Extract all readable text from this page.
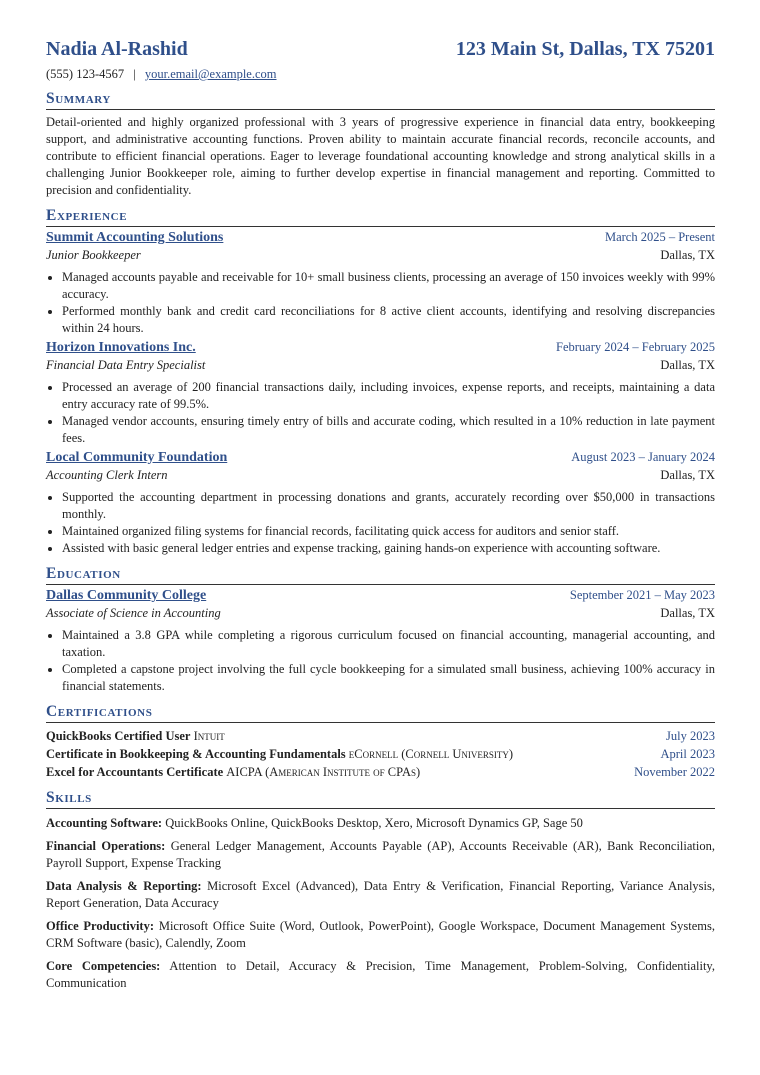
Nadia Al-Rashid	123 Main St, Dallas, TX 75201
(555) 123-4567 | your.email@example.com
Summary
Detail-oriented and highly organized professional with 3 years of progressive experience in financial data entry, bookkeeping support, and administrative accounting functions. Proven ability to maintain accurate financial records, reconcile accounts, and contribute to efficient financial operations. Eager to leverage foundational accounting knowledge and strong analytical skills in a challenging Junior Bookkeeper role, aiming to further develop expertise in financial management and reporting. Committed to precision and confidentiality.
Experience
Summit Accounting Solutions	March 2025 – Present
Junior Bookkeeper	Dallas, TX
• Managed accounts payable and receivable for 10+ small business clients, processing an average of 150 invoices weekly with 99% accuracy.
• Performed monthly bank and credit card reconciliations for 8 active client accounts, identifying and resolving discrepancies within 24 hours.
Horizon Innovations Inc.	February 2024 – February 2025
Financial Data Entry Specialist	Dallas, TX
• Processed an average of 200 financial transactions daily, including invoices, expense reports, and receipts, maintaining a data entry accuracy rate of 99.5%.
• Managed vendor accounts, ensuring timely entry of bills and accurate coding, which resulted in a 10% reduction in late payment fees.
Local Community Foundation	August 2023 – January 2024
Accounting Clerk Intern	Dallas, TX
• Supported the accounting department in processing donations and grants, accurately recording over $50,000 in transactions monthly.
• Maintained organized filing systems for financial records, facilitating quick access for auditors and senior staff.
• Assisted with basic general ledger entries and expense tracking, gaining hands-on experience with accounting software.
Education
Dallas Community College	September 2021 – May 2023
Associate of Science in Accounting	Dallas, TX
• Maintained a 3.8 GPA while completing a rigorous curriculum focused on financial accounting, managerial accounting, and taxation.
• Completed a capstone project involving the full cycle bookkeeping for a simulated small business, achieving 100% accuracy in financial statements.
Certifications
QuickBooks Certified User Intuit	July 2023
Certificate in Bookkeeping & Accounting Fundamentals eCornell (Cornell University)	April 2023
Excel for Accountants Certificate AICPA (American Institute of CPAs)	November 2022
Skills
Accounting Software: QuickBooks Online, QuickBooks Desktop, Xero, Microsoft Dynamics GP, Sage 50
Financial Operations: General Ledger Management, Accounts Payable (AP), Accounts Receivable (AR), Bank Reconciliation, Payroll Support, Expense Tracking
Data Analysis & Reporting: Microsoft Excel (Advanced), Data Entry & Verification, Financial Reporting, Variance Analysis, Report Generation, Data Accuracy
Office Productivity: Microsoft Office Suite (Word, Outlook, PowerPoint), Google Workspace, Document Management Systems, CRM Software (basic), Calendly, Zoom
Core Competencies: Attention to Detail, Accuracy & Precision, Time Management, Problem-Solving, Confidentiality, Communication
